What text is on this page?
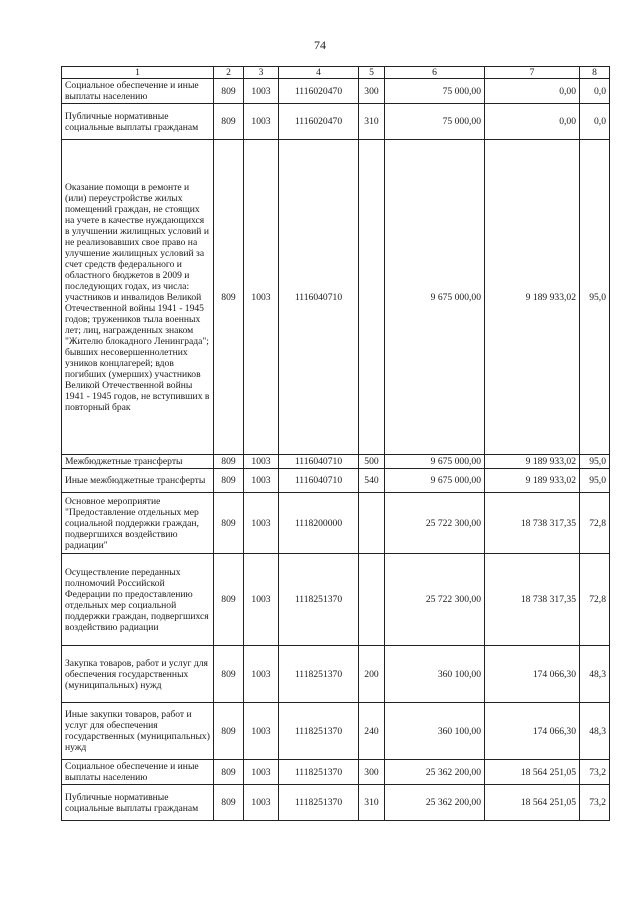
74
1	2	3	4	5	6	7	8
Социальное обеспечение и иные выплаты населению	809	1003	1116020470	300	75 000,00	0,00	0,0
Публичные нормативные социальные выплаты гражданам	809	1003	1116020470	310	75 000,00	0,00	0,0
Оказание помощи в ремонте и (или) переустройстве жилых помещений граждан, не стоящих на учете в качестве нуждающихся в улучшении жилищных условий и не реализовавших свое право на улучшение жилищных условий за счет средств федерального и областного бюджетов в 2009 и последующих годах, из числа: участников и инвалидов Великой Отечественной войны 1941 - 1945 годов; тружеников тыла военных лет; лиц, награжденных знаком "Жителю блокадного Ленинграда"; бывших несовершеннолетних узников концлагерей; вдов погибших (умерших) участников Великой Отечественной войны 1941 - 1945 годов, не вступивших в повторный брак	809	1003	1116040710		9 675 000,00	9 189 933,02	95,0
Межбюджетные трансферты	809	1003	1116040710	500	9 675 000,00	9 189 933,02	95,0
Иные межбюджетные трансферты	809	1003	1116040710	540	9 675 000,00	9 189 933,02	95,0
Основное мероприятие "Предоставление отдельных мер социальной поддержки граждан, подвергшихся воздействию радиации"	809	1003	1118200000		25 722 300,00	18 738 317,35	72,8
Осуществление переданных полномочий Российской Федерации по предоставлению отдельных мер социальной поддержки граждан, подвергшихся воздействию радиации	809	1003	1118251370		25 722 300,00	18 738 317,35	72,8
Закупка товаров, работ и услуг для обеспечения государственных (муниципальных) нужд	809	1003	1118251370	200	360 100,00	174 066,30	48,3
Иные закупки товаров, работ и услуг для обеспечения государственных (муниципальных) нужд	809	1003	1118251370	240	360 100,00	174 066,30	48,3
Социальное обеспечение и иные выплаты населению	809	1003	1118251370	300	25 362 200,00	18 564 251,05	73,2
Публичные нормативные социальные выплаты гражданам	809	1003	1118251370	310	25 362 200,00	18 564 251,05	73,2
